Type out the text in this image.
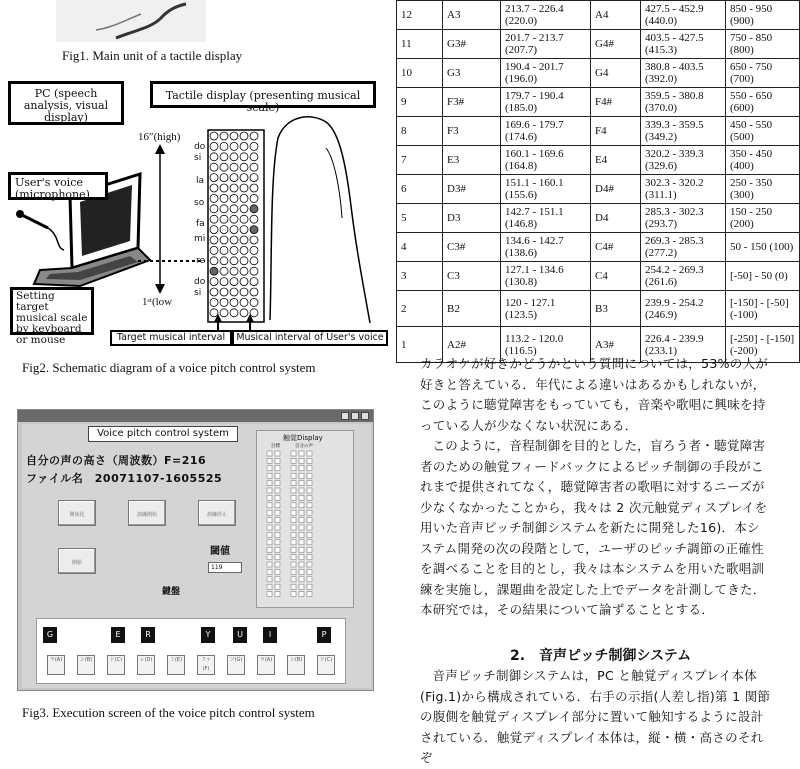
Fig1. Main unit of a tactile display
PC (speech analysis, visual display)
Tactile display (presenting musical scale)
16″(high)
1ˢᵗ(low
do
si
la
so
fa
mi
re
do
si
User's voice (microphone)
Setting target musical scale by keyboard or mouse	Target musical interval	Musical interval of User's voice
Fig2. Schematic diagram of a voice pitch control system
Voice pitch control system
自分の声の高さ（周波数）F=216
ファイル名　20071107-1605525
開始化	訓練開始	訓練停止
開始
閾値
119
鍵盤
触覚Display
目標	自分の声
G	E	R	Y	U	I	P
ラ(A)	シ(B)	ド(C)	レ(D)	ミ(E)	ファ(F)
ソ(G)	ラ(A)	シ(B)	ド(C)
Fig3. Execution screen of the voice pitch control system
12	A3	213.7 - 226.4 (220.0)	A4	427.5 - 452.9 (440.0)	850 - 950 (900)
11	G3#	201.7 - 213.7 (207.7)	G4#	403.5 - 427.5 (415.3)	750 - 850 (800)
10	G3	190.4 - 201.7 (196.0)	G4	380.8 - 403.5 (392.0)	650 - 750 (700)
9	F3#	179.7 - 190.4 (185.0)	F4#	359.5 - 380.8 (370.0)	550 - 650 (600)
8	F3	169.6 - 179.7 (174.6)	F4	339.3 - 359.5 (349.2)	450 - 550 (500)
7	E3	160.1 - 169.6 (164.8)	E4	320.2 - 339.3 (329.6)	350 - 450 (400)
6	D3#	151.1 - 160.1 (155.6)	D4#	302.3 - 320.2 (311.1)	250 - 350 (300)
5	D3	142.7 - 151.1 (146.8)	D4	285.3 - 302.3 (293.7)	150 - 250 (200)
4	C3#	134.6 - 142.7 (138.6)	C4#	269.3 - 285.3 (277.2)	50 - 150 (100)
3	C3	127.1 - 134.6 (130.8)	C4	254.2 - 269.3 (261.6)	[-50] - 50 (0)
2	B2	120 - 127.1 (123.5)	B3	239.9 - 254.2 (246.9)	[-150] - [-50] (-100)
1	A2#	113.2 - 120.0 (116.5)	A3#	226.4 - 239.9 (233.1)	[-250] - [-150] (-200)

カラオケが好きかどうかという質問については，53%の人が好きと答えている．年代による違いはあるかもしれないが，このように聴覚障害をもっていても，音楽や歌唱に興味を持っている人が少なくない状況にある．

このように，音程制御を目的とした，盲ろう者・聴覚障害者のための触覚フィードバックによるピッチ制御の手段がこれまで提供されてなく，聴覚障害者の歌唱に対するニーズが少なくなかったことから，我々は 2 次元触覚ディスプレイを用いた音声ピッチ制御システムを新たに開発した16)．本システム開発の次の段階として，ユーザのピッチ調節の正確性を調べることを目的とし，我々は本システムを用いた歌唱訓練を実施し，課題曲を設定した上でデータを計測してきた．本研究では，その結果について論ずることとする．

2.　音声ピッチ制御システム

音声ピッチ制御システムは，PC と触覚ディスプレイ本体(Fig.1)から構成されている．右手の示指(人差し指)第 1 関節の腹側を触覚ディスプレイ部分に置いて触知するように設計されている．触覚ディスプレイ本体は，縦・横・高さのそれぞ
